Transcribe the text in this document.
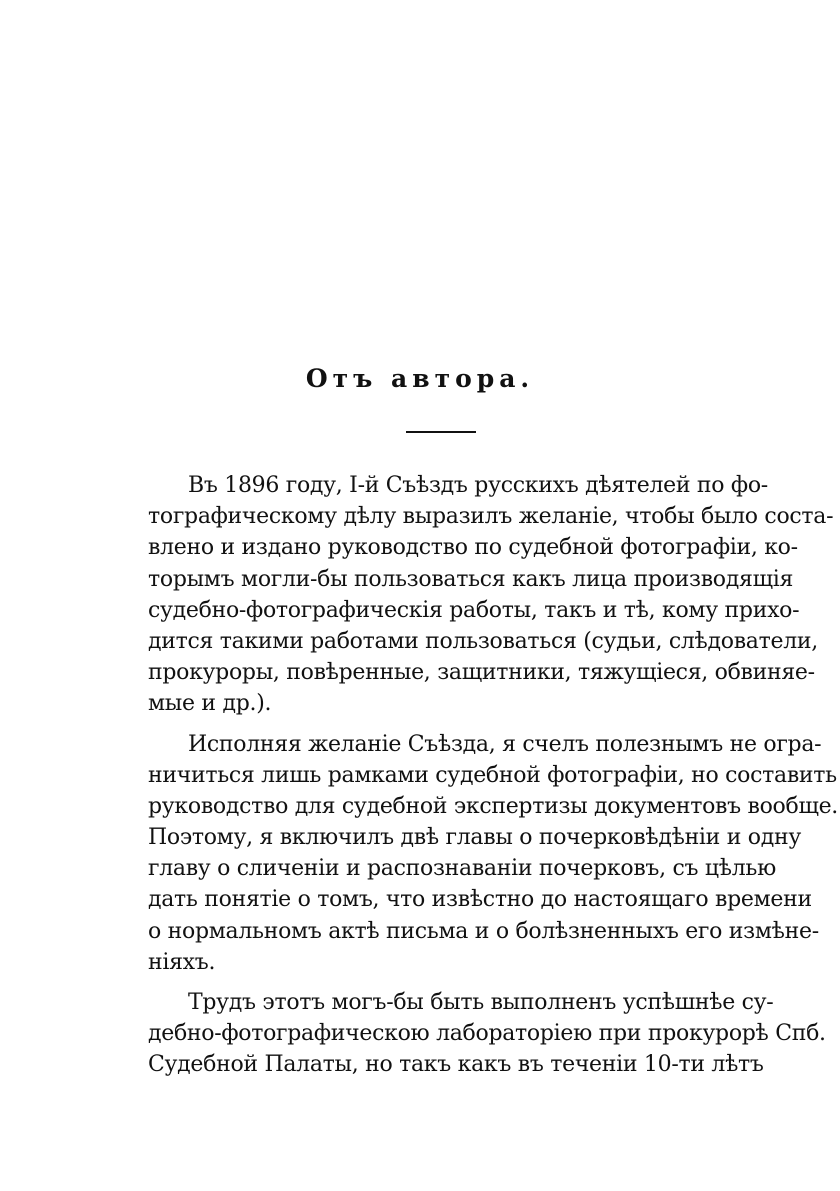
Отъ автора.
Въ 1896 году, I-й Съѣздъ русскихъ дѣятелей по фо-
тографическому дѣлу выразилъ желаніе, чтобы было соста-
влено и издано руководство по судебной фотографіи, ко-
торымъ могли-бы пользоваться какъ лица производящія
судебно-фотографическія работы, такъ и тѣ, кому прихо-
дится такими работами пользоваться (судьи, слѣдователи,
прокуроры, повѣренные, защитники, тяжущіеся, обвиняе-
мые и др.).
Исполняя желаніе Съѣзда, я счелъ полезнымъ не огра-
ничиться лишь рамками судебной фотографіи, но составить
руководство для судебной экспертизы документовъ вообще.
Поэтому, я включилъ двѣ главы о почерковѣдѣніи и одну
главу о сличеніи и распознаваніи почерковъ, съ цѣлью
дать понятіе о томъ, что извѣстно до настоящаго времени
о нормальномъ актѣ письма и о болѣзненныхъ его измѣне-
ніяхъ.
Трудъ этотъ могъ-бы быть выполненъ успѣшнѣе су-
дебно-фотографическою лабораторіею при прокурорѣ Спб.
Судебной Палаты, но такъ какъ въ теченіи 10-ти лѣтъ
